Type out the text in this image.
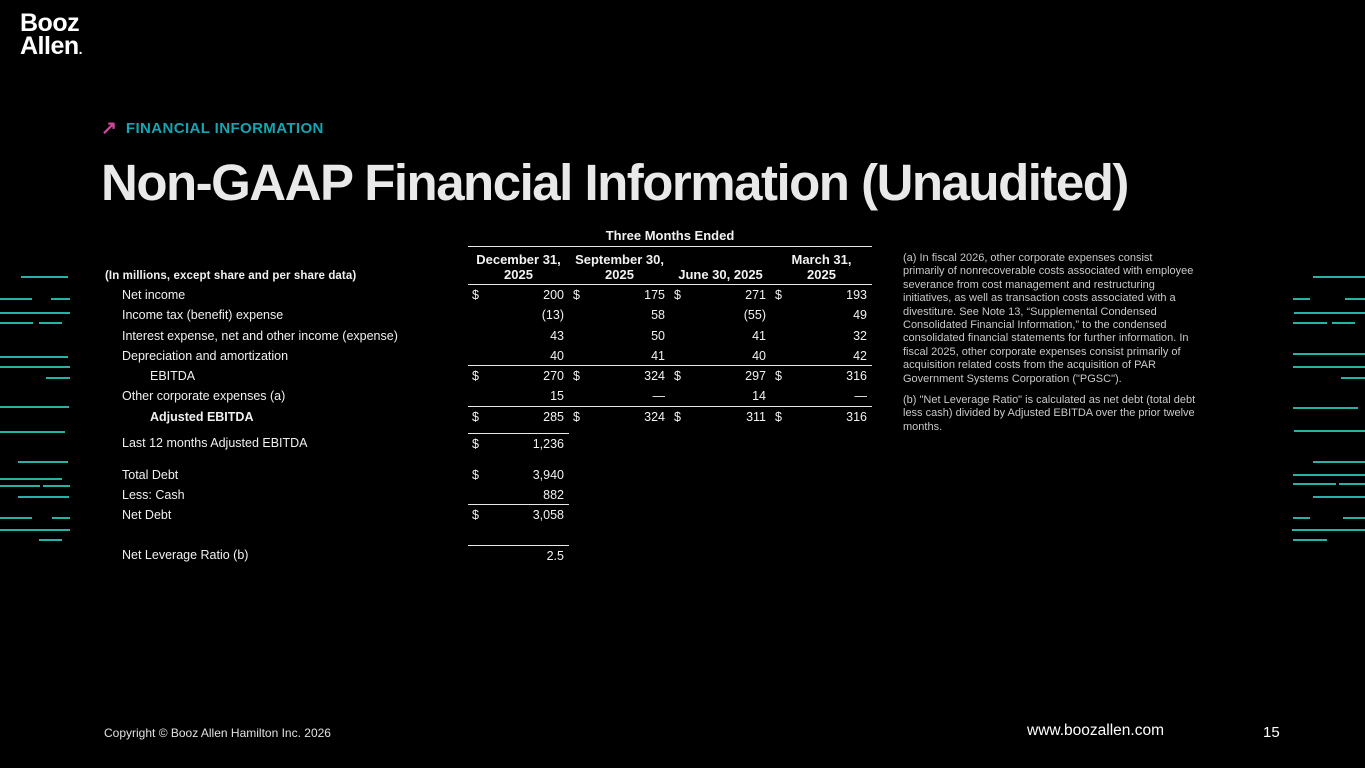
Booz
Allen.
↗ FINANCIAL INFORMATION
Non-GAAP Financial Information (Unaudited)
Three Months Ended
(In millions, except share and per share data)
December 31,
2025
September 30,
2025	June 30, 2025
March 31,
2025
Net income	$	200 $	175 $	271 $	193
Income tax (benefit) expense	(13)	58	(55)	49
Interest expense, net and other income (expense)	43	50	41	32
Depreciation and amortization	40	41	40	42
EBITDA	$	270 $	324 $	297 $	316
Other corporate expenses (a)	15	—	14	—
Adjusted EBITDA	$	285 $	324 $	311 $	316
Last 12 months Adjusted EBITDA	$	1,236
Total Debt	$	3,940
Less: Cash	882
Net Debt	$	3,058
Net Leverage Ratio (b)	2.5

(a) In fiscal 2026, other corporate expenses consist primarily of nonrecoverable costs associated with employee severance from cost management and restructuring initiatives, as well as transaction costs associated with a divestiture. See Note 13, “Supplemental Condensed Consolidated Financial Information,” to the condensed consolidated financial statements for further information. In fiscal 2025, other corporate expenses consist primarily of acquisition related costs from the acquisition of PAR Government Systems Corporation ("PGSC").

(b) "Net Leverage Ratio" is calculated as net debt (total debt less cash) divided by Adjusted EBITDA over the prior twelve months.

Copyright © Booz Allen Hamilton Inc. 2026	www.boozallen.com	15
